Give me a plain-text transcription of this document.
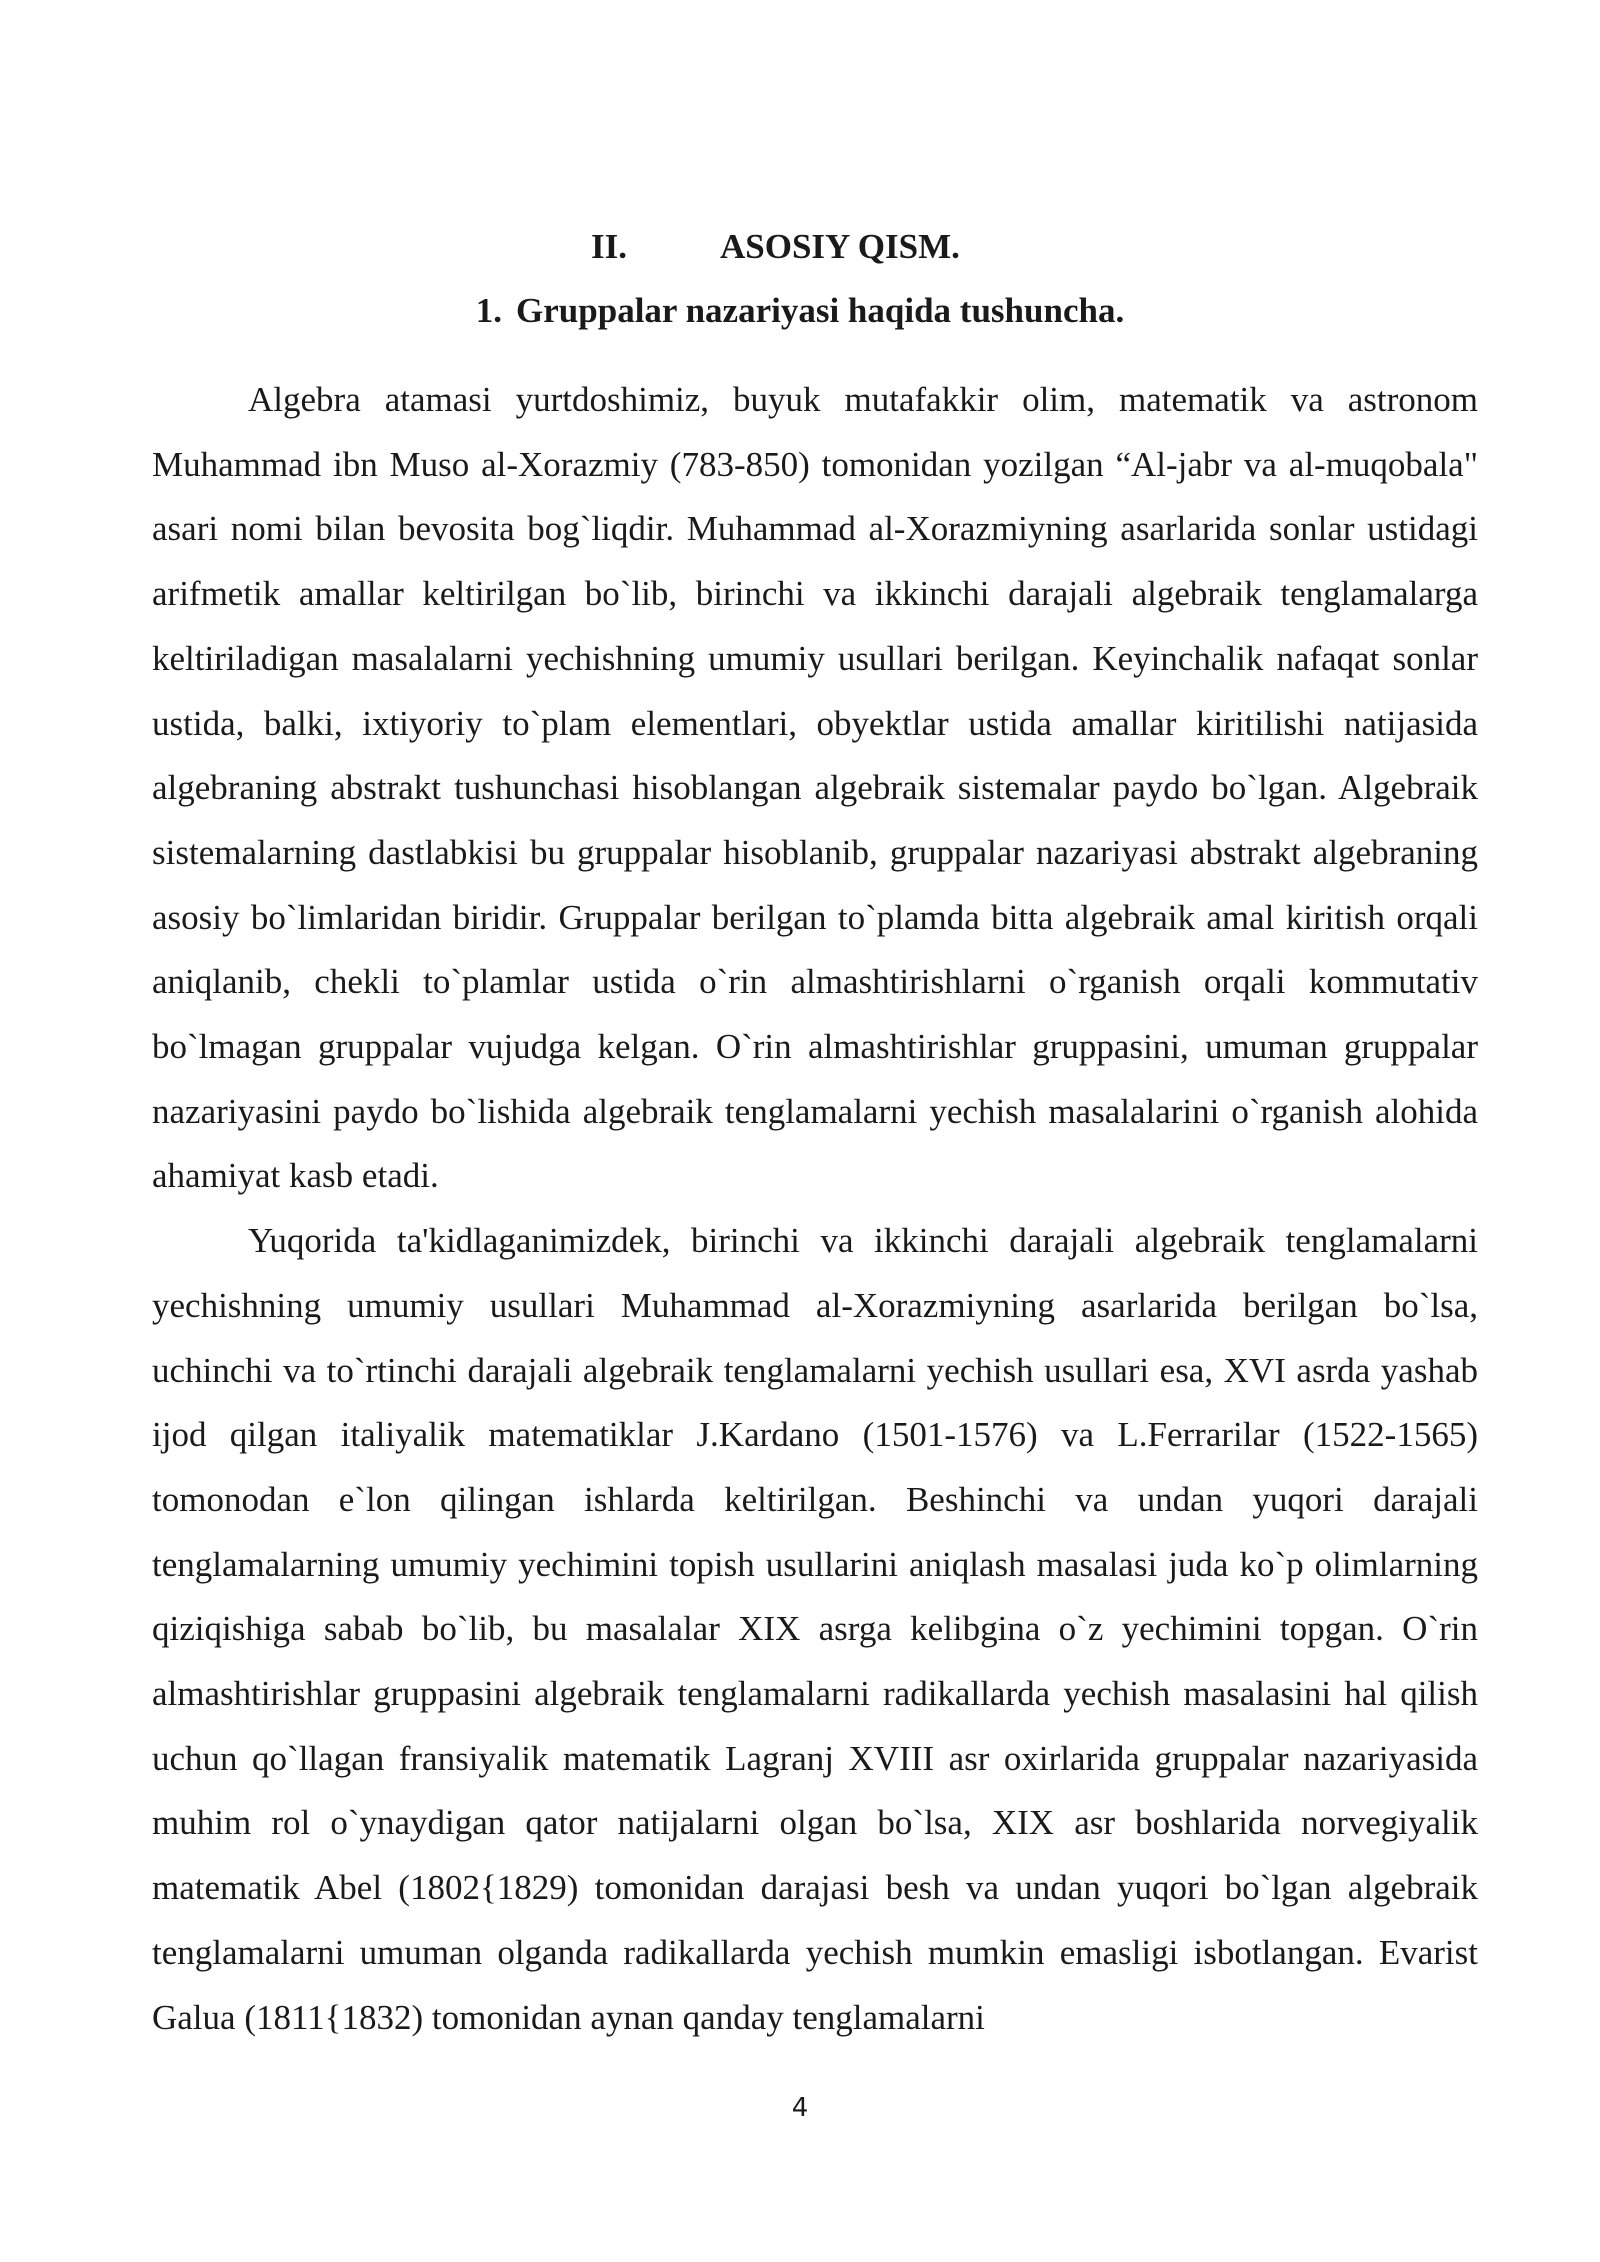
II.	ASOSIY QISM.
1. Gruppalar nazariyasi haqida tushuncha.

Algebra atamasi yurtdoshimiz, buyuk mutafakkir olim, matematik va astronom Muhammad ibn Muso al-Xorazmiy (783-850) tomonidan yozilgan “Al-jabr va al-muqobala" asari nomi bilan bevosita bog`liqdir. Muhammad al-Xorazmiyning asarlarida sonlar ustidagi arifmetik amallar keltirilgan bo`lib, birinchi va ikkinchi darajali algebraik tenglamalarga keltiriladigan masalalarni yechishning umumiy usullari berilgan. Keyinchalik nafaqat sonlar ustida, balki, ixtiyoriy to`plam elementlari, obyektlar ustida amallar kiritilishi natijasida algebraning abstrakt tushunchasi hisoblangan algebraik sistemalar paydo bo`lgan. Algebraik sistemalarning dastlabkisi bu gruppalar hisoblanib, gruppalar nazariyasi abstrakt algebraning asosiy bo`limlaridan biridir. Gruppalar berilgan to`plamda bitta algebraik amal kiritish orqali aniqlanib, chekli to`plamlar ustida o`rin almashtirishlarni o`rganish orqali kommutativ bo`lmagan gruppalar vujudga kelgan. O`rin almashtirishlar gruppasini, umuman gruppalar nazariyasini paydo bo`lishida algebraik tenglamalarni yechish masalalarini o`rganish alohida ahamiyat kasb etadi.

Yuqorida ta'kidlaganimizdek, birinchi va ikkinchi darajali algebraik tenglamalarni yechishning umumiy usullari Muhammad al-Xorazmiyning asarlarida berilgan bo`lsa, uchinchi va to`rtinchi darajali algebraik tenglamalarni yechish usullari esa, XVI asrda yashab ijod qilgan italiyalik matematiklar J.Kardano (1501-1576) va L.Ferrarilar (1522-1565) tomonodan e`lon qilingan ishlarda keltirilgan. Beshinchi va undan yuqori darajali tenglamalarning umumiy yechimini topish usullarini aniqlash masalasi juda ko`p olimlarning qiziqishiga sabab bo`lib, bu masalalar XIX asrga kelibgina o`z yechimini topgan. O`rin almashtirishlar gruppasini algebraik tenglamalarni radikallarda yechish masalasini hal qilish uchun qo`llagan fransiyalik matematik Lagranj XVIII asr oxirlarida gruppalar nazariyasida muhim rol o`ynaydigan qator natijalarni olgan bo`lsa, XIX asr boshlarida norvegiyalik matematik Abel (1802{1829) tomonidan darajasi besh va undan yuqori bo`lgan algebraik tenglamalarni umuman olganda radikallarda yechish mumkin emasligi isbotlangan. Evarist Galua (1811{1832) tomonidan aynan qanday tenglamalarni

4
